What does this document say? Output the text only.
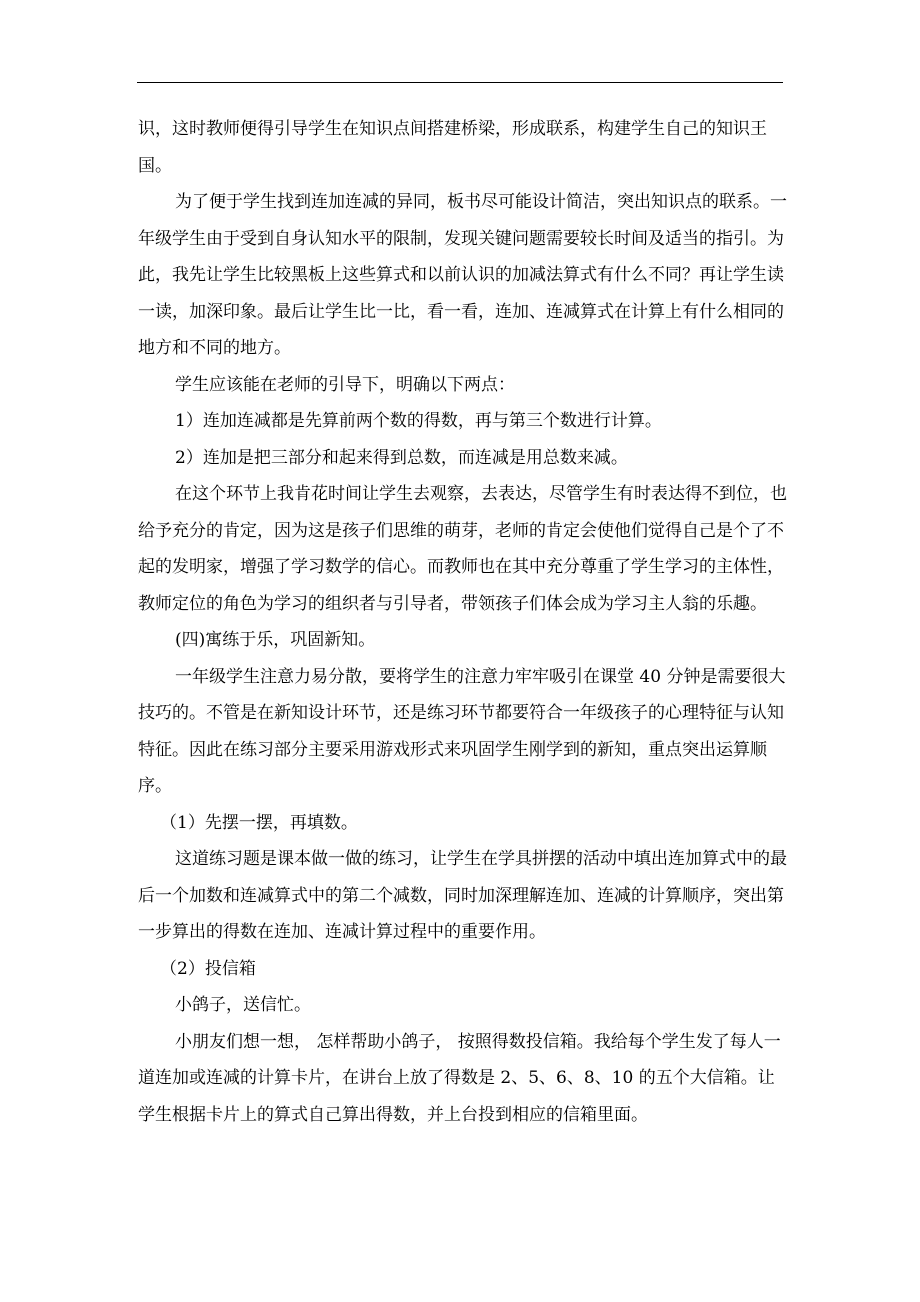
识，这时教师便得引导学生在知识点间搭建桥梁，形成联系，构建学生自己的知识王国。

为了便于学生找到连加连减的异同，板书尽可能设计简洁，突出知识点的联系。一年级学生由于受到自身认知水平的限制，发现关键问题需要较长时间及适当的指引。为此，我先让学生比较黑板上这些算式和以前认识的加减法算式有什么不同？再让学生读一读，加深印象。最后让学生比一比，看一看，连加、连减算式在计算上有什么相同的地方和不同的地方。

学生应该能在老师的引导下，明确以下两点：

1）连加连减都是先算前两个数的得数，再与第三个数进行计算。

2）连加是把三部分和起来得到总数，而连减是用总数来减。

在这个环节上我肯花时间让学生去观察，去表达，尽管学生有时表达得不到位，也给予充分的肯定，因为这是孩子们思维的萌芽，老师的肯定会使他们觉得自己是个了不起的发明家，增强了学习数学的信心。而教师也在其中充分尊重了学生学习的主体性，教师定位的角色为学习的组织者与引导者，带领孩子们体会成为学习主人翁的乐趣。

(四)寓练于乐，巩固新知。

一年级学生注意力易分散，要将学生的注意力牢牢吸引在课堂 40 分钟是需要很大技巧的。不管是在新知设计环节，还是练习环节都要符合一年级孩子的心理特征与认知特征。因此在练习部分主要采用游戏形式来巩固学生刚学到的新知，重点突出运算顺序。

（1）先摆一摆，再填数。

这道练习题是课本做一做的练习，让学生在学具拼摆的活动中填出连加算式中的最后一个加数和连减算式中的第二个减数，同时加深理解连加、连减的计算顺序，突出第一步算出的得数在连加、连减计算过程中的重要作用。

（2）投信箱

小鸽子，送信忙。

小朋友们想一想， 怎样帮助小鸽子， 按照得数投信箱。我给每个学生发了每人一道连加或连减的计算卡片，在讲台上放了得数是 2、5、6、8、10 的五个大信箱。让学生根据卡片上的算式自己算出得数，并上台投到相应的信箱里面。
